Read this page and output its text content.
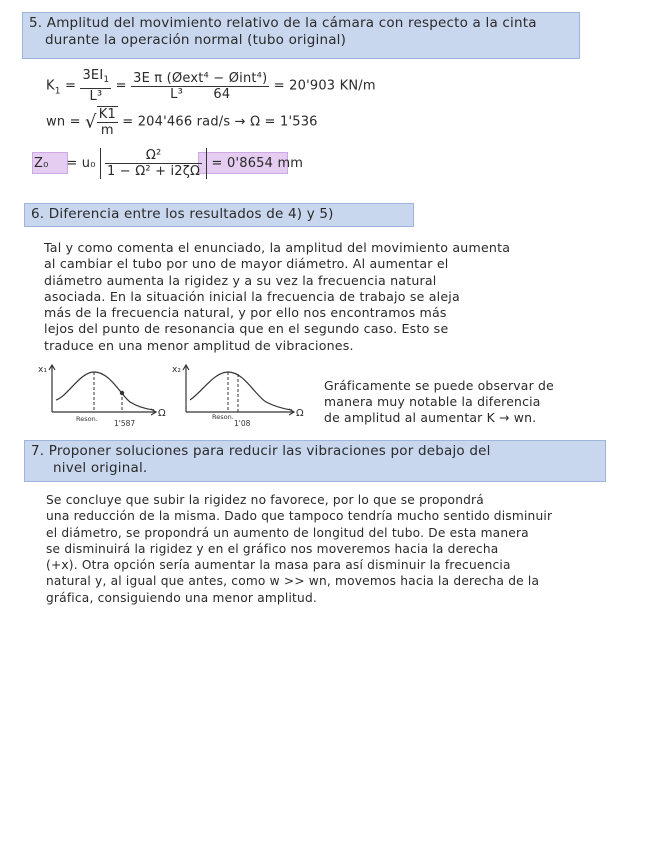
5. Amplitud del movimiento relativo de la cámara con respecto a la cinta
durante la operación normal (tubo original)
$K_1 = \frac{3EI_1}{\text{L³}} = \frac{\text{3E π (Øext⁴ − Øint⁴)}}{\text{L³ 64}} = 20'903$ KN/m
wn = √ $\frac{K1}{m} = 204'466$ rad/s → Ω = 1'536
$Z_0 = u_0 \frac{\text{Ω²}}{\text{1 − Ω² + i2ζΩ}} = 0'8654$ mm
6. Diferencia entre los resultados de 4) y 5)
Tal y como comenta el enunciado, la amplitud del movimiento aumenta
al cambiar el tubo por uno de mayor diámetro. Al aumentar el
diámetro aumenta la rigidez y a su vez la frecuencia natural
asociada. En la situación inicial la frecuencia de trabajo se aleja
más de la frecuencia natural, y por ello nos encontramos más
lejos del punto de resonancia que en el segundo caso. Esto se
traduce en una menor amplitud de vibraciones.
x₁
Ω
Reson. 1'587
x₂
Ω
Reson.
1'08
Gráficamente se puede observar de
manera muy notable la diferencia
de amplitud al aumentar K → wn.
7. Proponer soluciones para reducir las vibraciones por debajo del
nivel original.
Se concluye que subir la rigidez no favorece, por lo que se propondrá
una reducción de la misma. Dado que tampoco tendría mucho sentido disminuir
el diámetro, se propondrá un aumento de longitud del tubo. De esta manera
se disminuirá la rigidez y en el gráfico nos moveremos hacia la derecha
(+x). Otra opción sería aumentar la masa para así disminuir la frecuencia
natural y, al igual que antes, como w >> wn, movemos hacia la derecha de la
gráfica, consiguiendo una menor amplitud.
